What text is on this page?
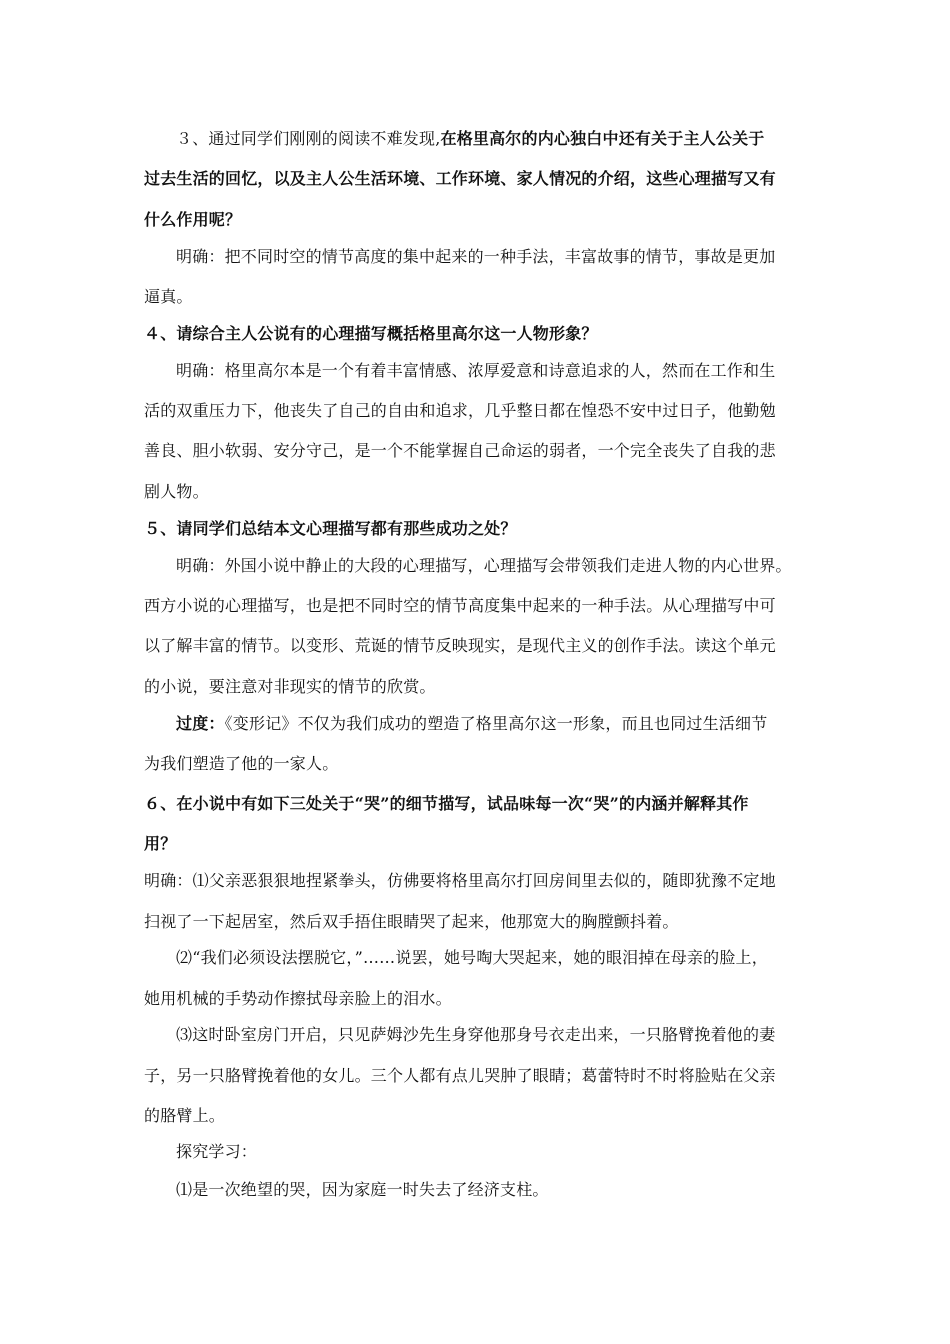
３、通过同学们刚刚的阅读不难发现,在格里高尔的内心独白中还有关于主人公关于
过去生活的回忆，以及主人公生活环境、工作环境、家人情况的介绍，这些心理描写又有
什么作用呢？
明确：把不同时空的情节高度的集中起来的一种手法，丰富故事的情节，事故是更加
逼真。
４、请综合主人公说有的心理描写概括格里高尔这一人物形象？
明确：格里高尔本是一个有着丰富情感、浓厚爱意和诗意追求的人，然而在工作和生
活的双重压力下，他丧失了自己的自由和追求，几乎整日都在惶恐不安中过日子，他勤勉
善良、胆小软弱、安分守己，是一个不能掌握自己命运的弱者，一个完全丧失了自我的悲
剧人物。
５、请同学们总结本文心理描写都有那些成功之处？
明确：外国小说中静止的大段的心理描写，心理描写会带领我们走进人物的内心世界。
西方小说的心理描写，也是把不同时空的情节高度集中起来的一种手法。从心理描写中可
以了解丰富的情节。以变形、荒诞的情节反映现实，是现代主义的创作手法。读这个单元
的小说，要注意对非现实的情节的欣赏。
过度：《变形记》不仅为我们成功的塑造了格里高尔这一形象，而且也同过生活细节
为我们塑造了他的一家人。
６、在小说中有如下三处关于“哭”的细节描写，试品味每一次“哭”的内涵并解释其作
用？
明确：⑴父亲恶狠狠地捏紧拳头，仿佛要将格里高尔打回房间里去似的，随即犹豫不定地
扫视了一下起居室，然后双手捂住眼睛哭了起来，他那宽大的胸膛颤抖着。
⑵“我们必须设法摆脱它，”……说罢，她号啕大哭起来，她的眼泪掉在母亲的脸上，
她用机械的手势动作擦拭母亲脸上的泪水。
⑶这时卧室房门开启，只见萨姆沙先生身穿他那身号衣走出来，一只胳臂挽着他的妻
子，另一只胳臂挽着他的女儿。三个人都有点儿哭肿了眼睛；葛蕾特时不时将脸贴在父亲
的胳臂上。
探究学习：
⑴是一次绝望的哭，因为家庭一时失去了经济支柱。
